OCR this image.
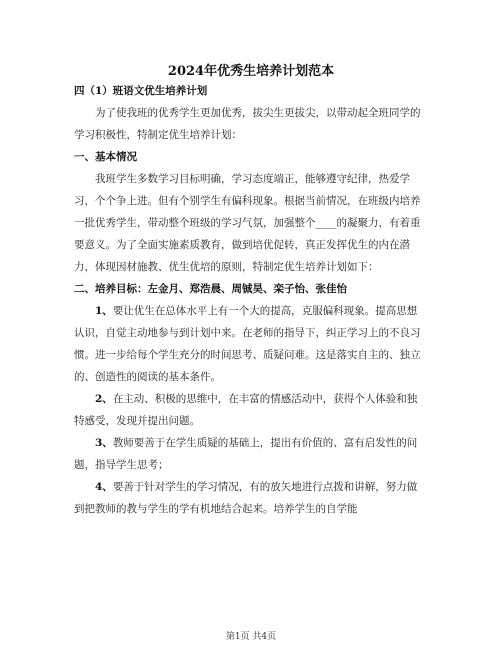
2024年优秀生培养计划范本

四（1）班语文优生培养计划

为了使我班的优秀学生更加优秀，拔尖生更拔尖，以带动起全班同学的学习积极性，特制定优生培养计划：

一、基本情况

我班学生多数学习目标明确，学习态度端正，能够遵守纪律，热爱学习，个个争上进。但有个别学生有偏科现象。根据当前情况，在班级内培养一批优秀学生，带动整个班级的学习气氛，加强整个____的凝聚力，有着重要意义。为了全面实施素质教育，做到培优促转，真正发挥优生的内在潜力，体现因材施教、优生优培的原则，特制定优生培养计划如下：

二、培养目标：左金月、郑浩晨、周铖昊、栾子怡、张佳怡

1、要让优生在总体水平上有一个大的提高，克服偏科现象。提高思想认识，自觉主动地参与到计划中来。在老师的指导下，纠正学习上的不良习惯。进一步给每个学生充分的时间思考、质疑问难。这是落实自主的、独立的、创造性的阅读的基本条件。

2、在主动、积极的思维中，在丰富的情感活动中，获得个人体验和独特感受，发现并提出问题。

3、教师要善于在学生质疑的基础上，提出有价值的、富有启发性的问题，指导学生思考；

4、要善于针对学生的学习情况，有的放矢地进行点拨和讲解，努力做到把教师的教与学生的学有机地结合起来。培养学生的自学能

第1页 共4页
